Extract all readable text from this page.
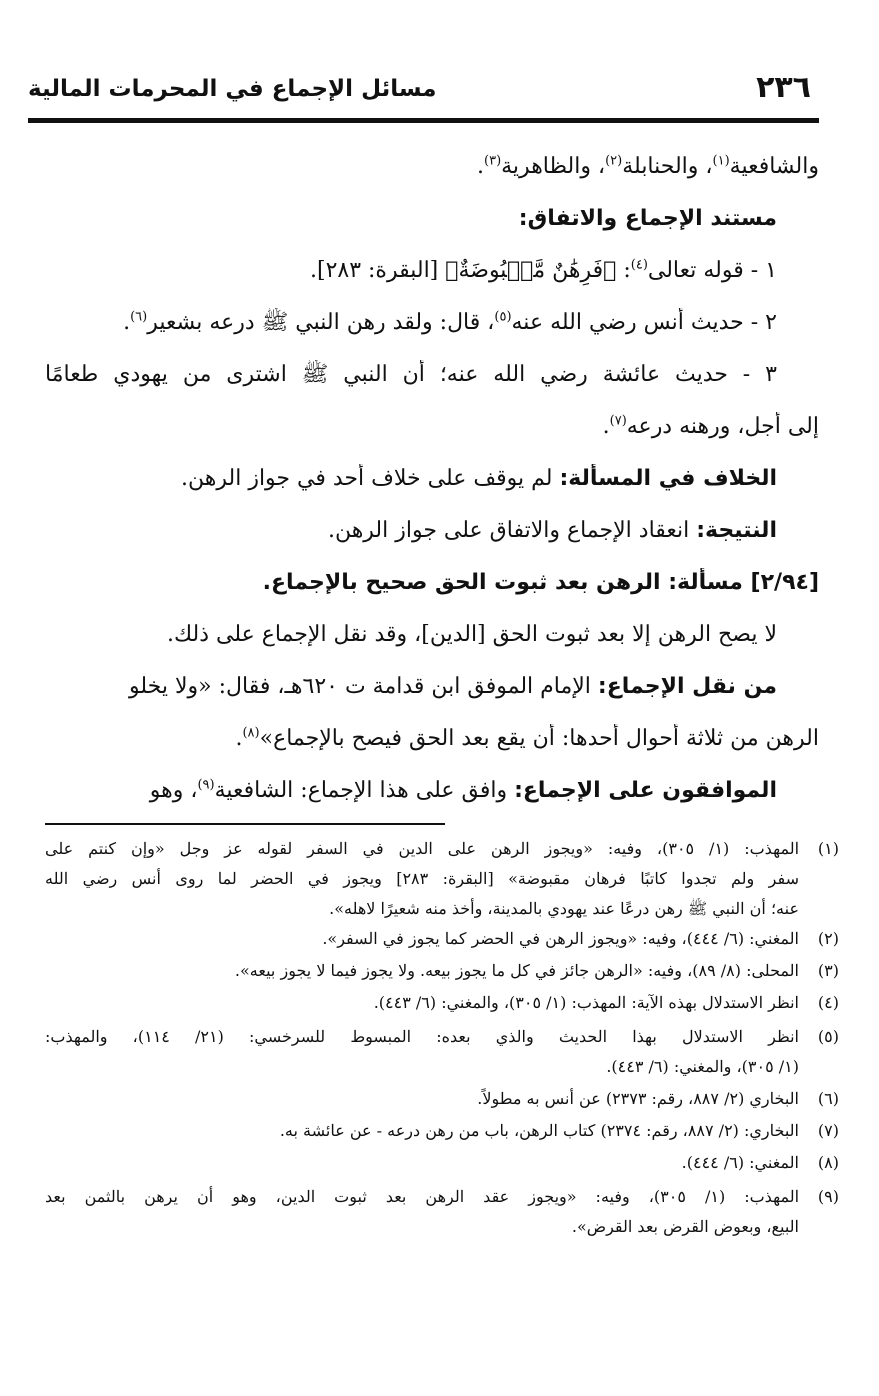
٢٣٦
مسائل الإجماع في المحرمات المالية
والشافعية$^{(١)}$، والحنابلة$^{(٢)}$، والظاهرية$^{(٣)}$.
مستند الإجماع والاتفاق:
١ - قوله تعالى$^{(٤)}$: ﴿فَرِهَٰنٌ مَّقۡبُوضَةٌ﴾ [البقرة: ٢٨٣].
٢ - حديث أنس رضي الله عنه$^{(٥)}$، قال: ولقد رهن النبي ﷺ درعه بشعير$^{(٦)}$.
٣ - حديث عائشة رضي الله عنه؛ أن النبي ﷺ اشترى من يهودي طعامًا
إلى أجل، ورهنه درعه$^{(٧)}$.
الخلاف في المسألة: لم يوقف على خلاف أحد في جواز الرهن.
النتيجة: انعقاد الإجماع والاتفاق على جواز الرهن.
[٢/٩٤] مسألة: الرهن بعد ثبوت الحق صحيح بالإجماع.
لا يصح الرهن إلا بعد ثبوت الحق [الدين]، وقد نقل الإجماع على ذلك.
من نقل الإجماع: الإمام الموفق ابن قدامة ت ٦٢٠هـ، فقال: «ولا يخلو
الرهن من ثلاثة أحوال أحدها: أن يقع بعد الحق فيصح بالإجماع»$^{(٨)}$.
الموافقون على الإجماع: وافق على هذا الإجماع: الشافعية$^{(٩)}$، وهو
(١)
المهذب: (١/ ٣٠٥)، وفيه: «ويجوز الرهن على الدين في السفر لقوله عز وجل «وإن كنتم على
سفر ولم تجدوا كاتبًا فرهان مقبوضة» [البقرة: ٢٨٣] ويجوز في الحضر لما روى أنس رضي الله
عنه؛ أن النبي ﷺ رهن درعًا عند يهودي بالمدينة، وأخذ منه شعيرًا لاهله».
(٢)
المغني: (٦/ ٤٤٤)، وفيه: «ويجوز الرهن في الحضر كما يجوز في السفر».
(٣)
المحلى: (٨/ ٨٩)، وفيه: «الرهن جائز في كل ما يجوز بيعه. ولا يجوز فيما لا يجوز بيعه».
(٤)
انظر الاستدلال بهذه الآية: المهذب: (١/ ٣٠٥)، والمغني: (٦/ ٤٤٣).
(٥)
انظر الاستدلال بهذا الحديث والذي بعده: المبسوط للسرخسي: (٢١/ ١١٤)، والمهذب:
(١/ ٣٠٥)، والمغني: (٦/ ٤٤٣).
(٦)
البخاري (٢/ ٨٨٧، رقم: ٢٣٧٣) عن أنس به مطولاً.
(٧)
البخاري: (٢/ ٨٨٧، رقم: ٢٣٧٤) كتاب الرهن، باب من رهن درعه - عن عائشة به.
(٨)
المغني: (٦/ ٤٤٤).
(٩)
المهذب: (١/ ٣٠٥)، وفيه: «ويجوز عقد الرهن بعد ثبوت الدين، وهو أن يرهن بالثمن بعد
البيع، وبعوض القرض بعد القرض».
